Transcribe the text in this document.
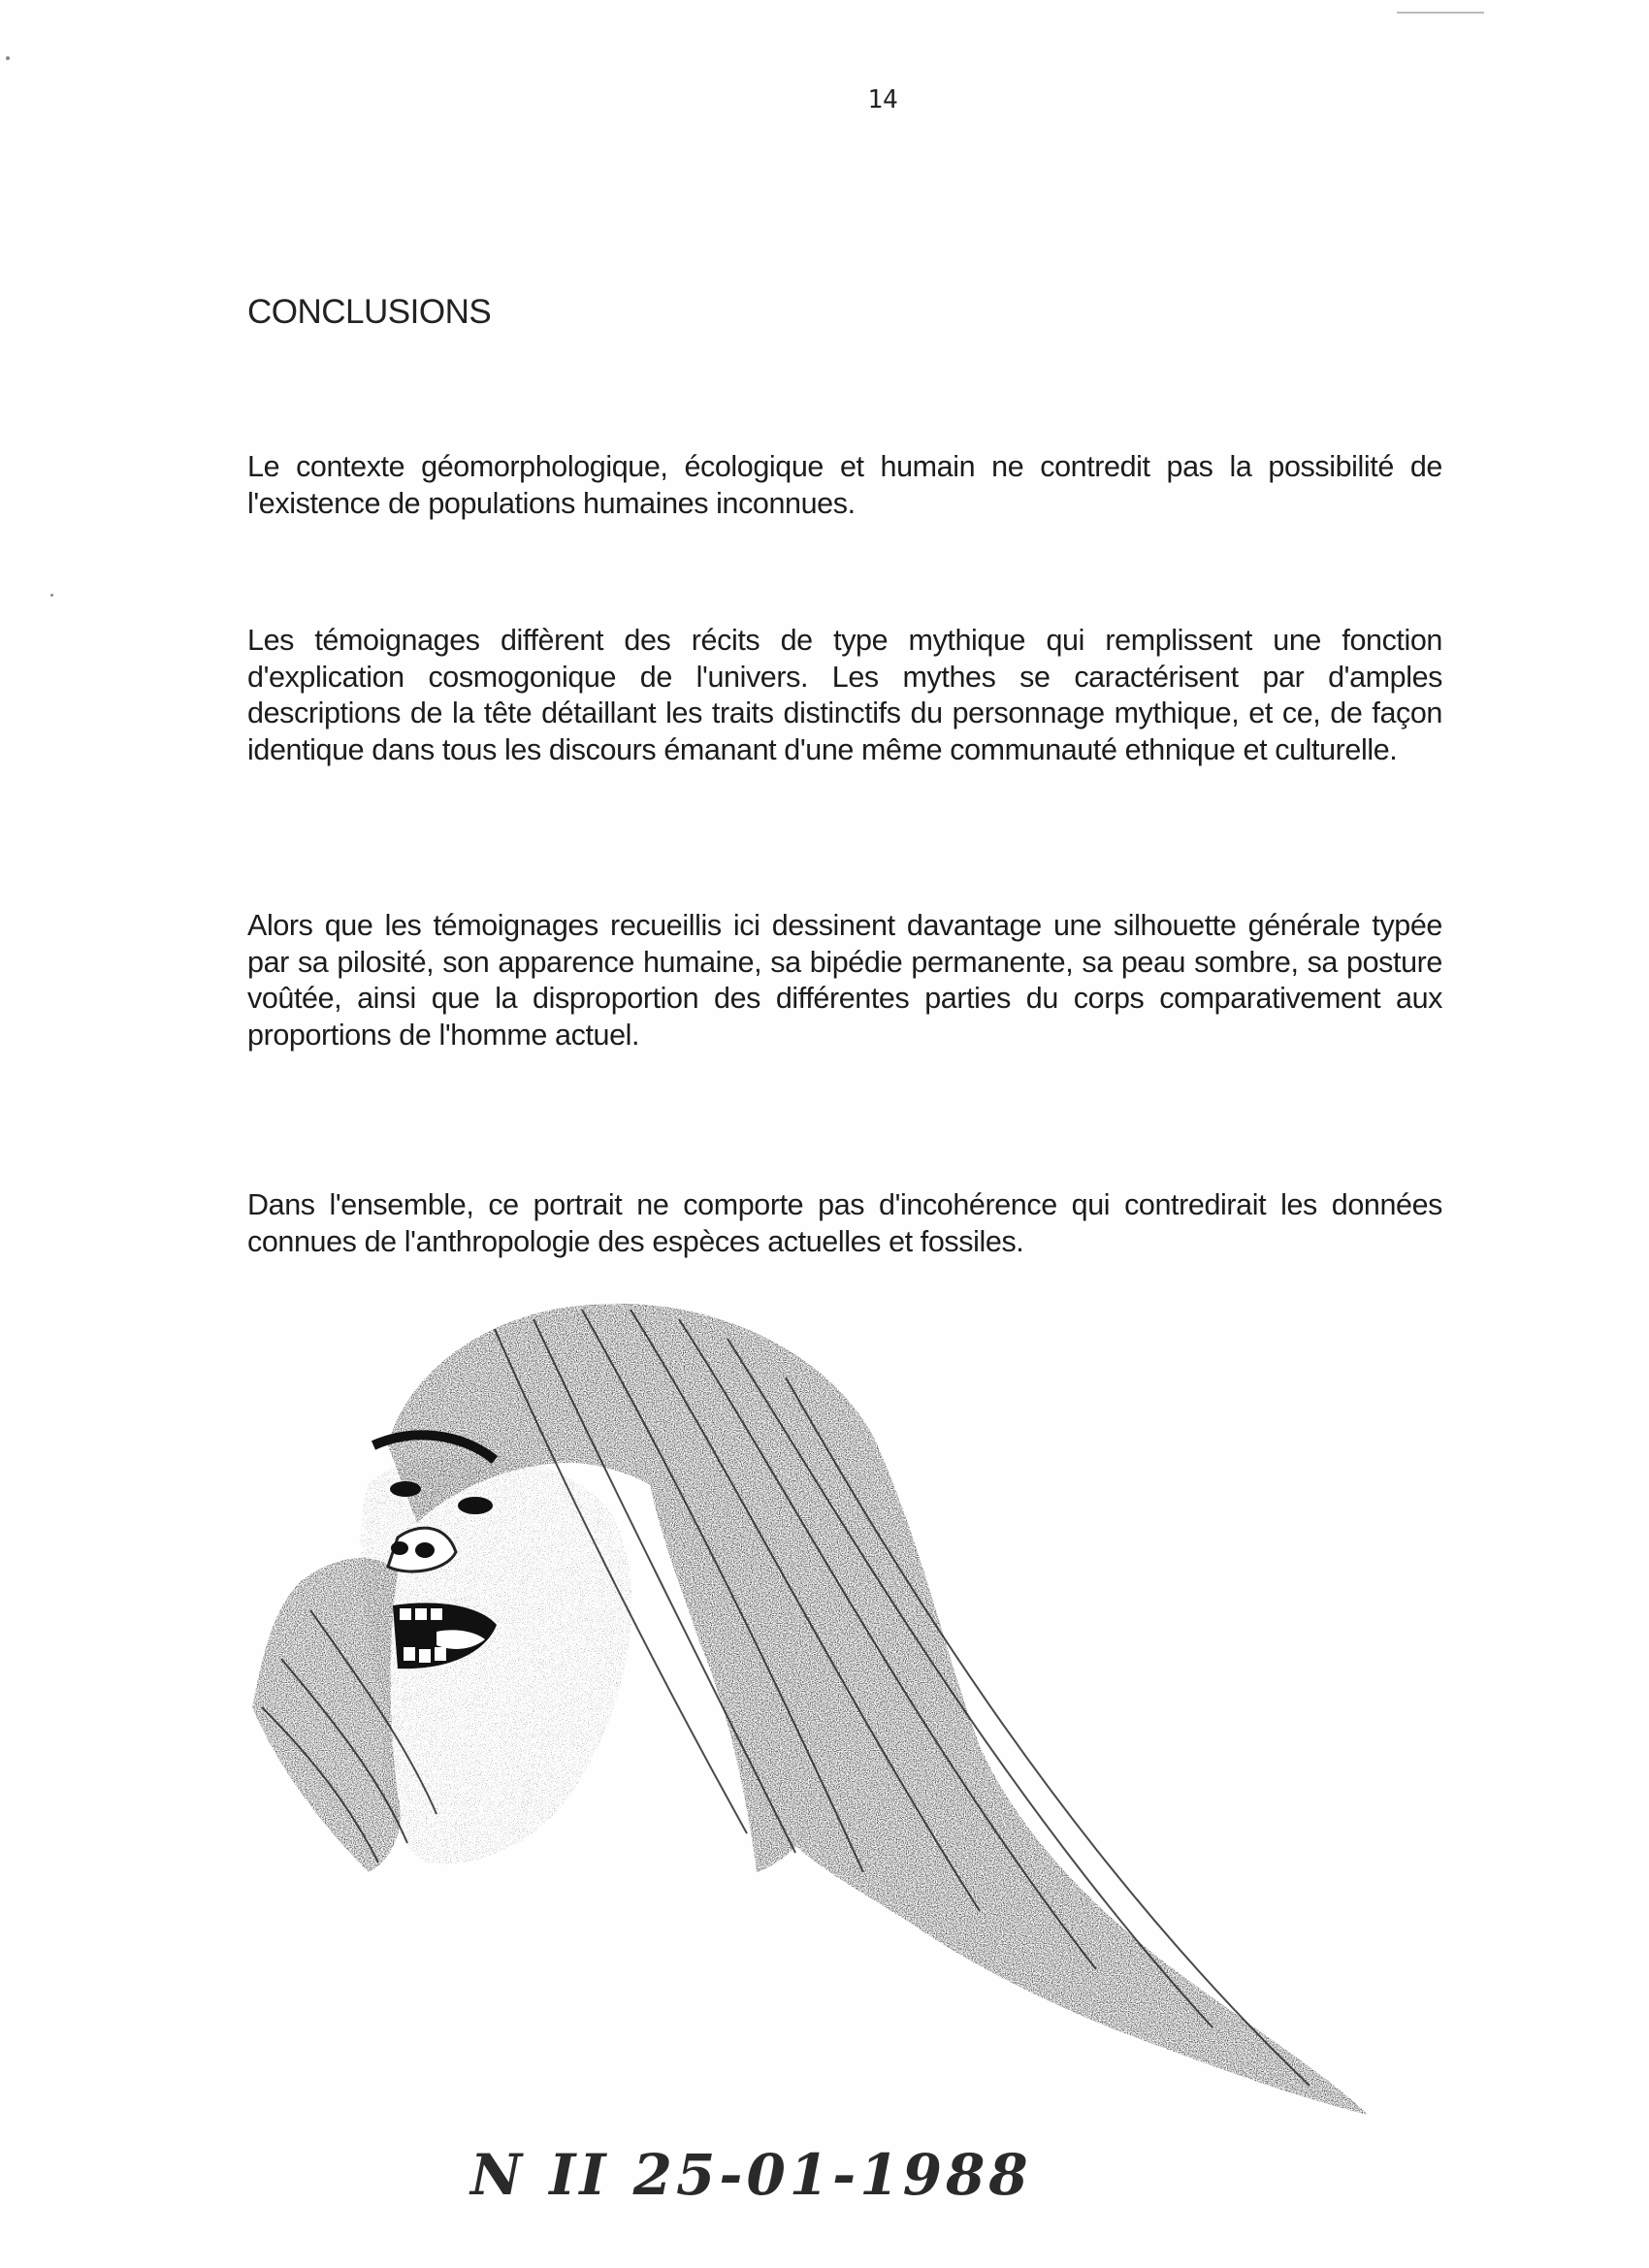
14
CONCLUSIONS

Le contexte géomorphologique, écologique et humain ne contredit pas la possibilité de l'existence de populations humaines inconnues.

Les témoignages diffèrent des récits de type mythique qui remplissent une fonction d'explication cosmogonique de l'univers. Les mythes se caractérisent par d'amples descriptions de la tête détaillant les traits distinctifs du personnage mythique, et ce, de façon identique dans tous les discours émanant d'une même communauté ethnique et culturelle.

Alors que les témoignages recueillis ici dessinent davantage une silhouette générale typée par sa pilosité, son apparence humaine, sa bipédie permanente, sa peau sombre, sa posture voûtée, ainsi que la disproportion des différentes parties du corps comparativement aux proportions de l'homme actuel.

Dans l'ensemble, ce portrait ne comporte pas d'incohérence qui contredirait les données connues de l'anthropologie des espèces actuelles et fossiles.

N II 25-01-1988
